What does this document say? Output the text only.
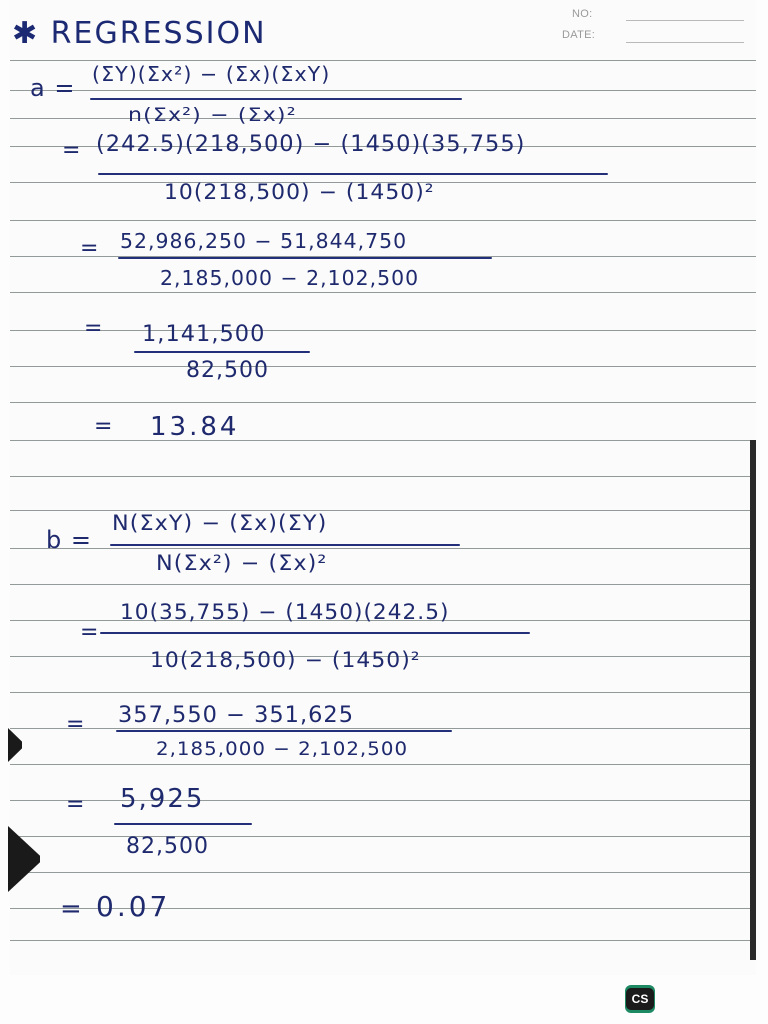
NO:
DATE:
✱ REGRESSION
a = (ΣY)(Σx²) − (Σx)(ΣxY)
n(Σx²) − (Σx)²
= (242.5)(218,500) − (1450)(35,755)
10(218,500) − (1450)²
= 52,986,250 − 51,844,750
2,185,000 − 2,102,500
= 1,141,500
82,500
= 13.84
b =
N(ΣxY) − (Σx)(ΣY)
N(Σx²) − (Σx)²
=
10(35,755) − (1450)(242.5)
10(218,500) − (1450)²
= 357,550 − 351,625
2,185,000 − 2,102,500
= 5,925
82,500
= 0.07
CS
